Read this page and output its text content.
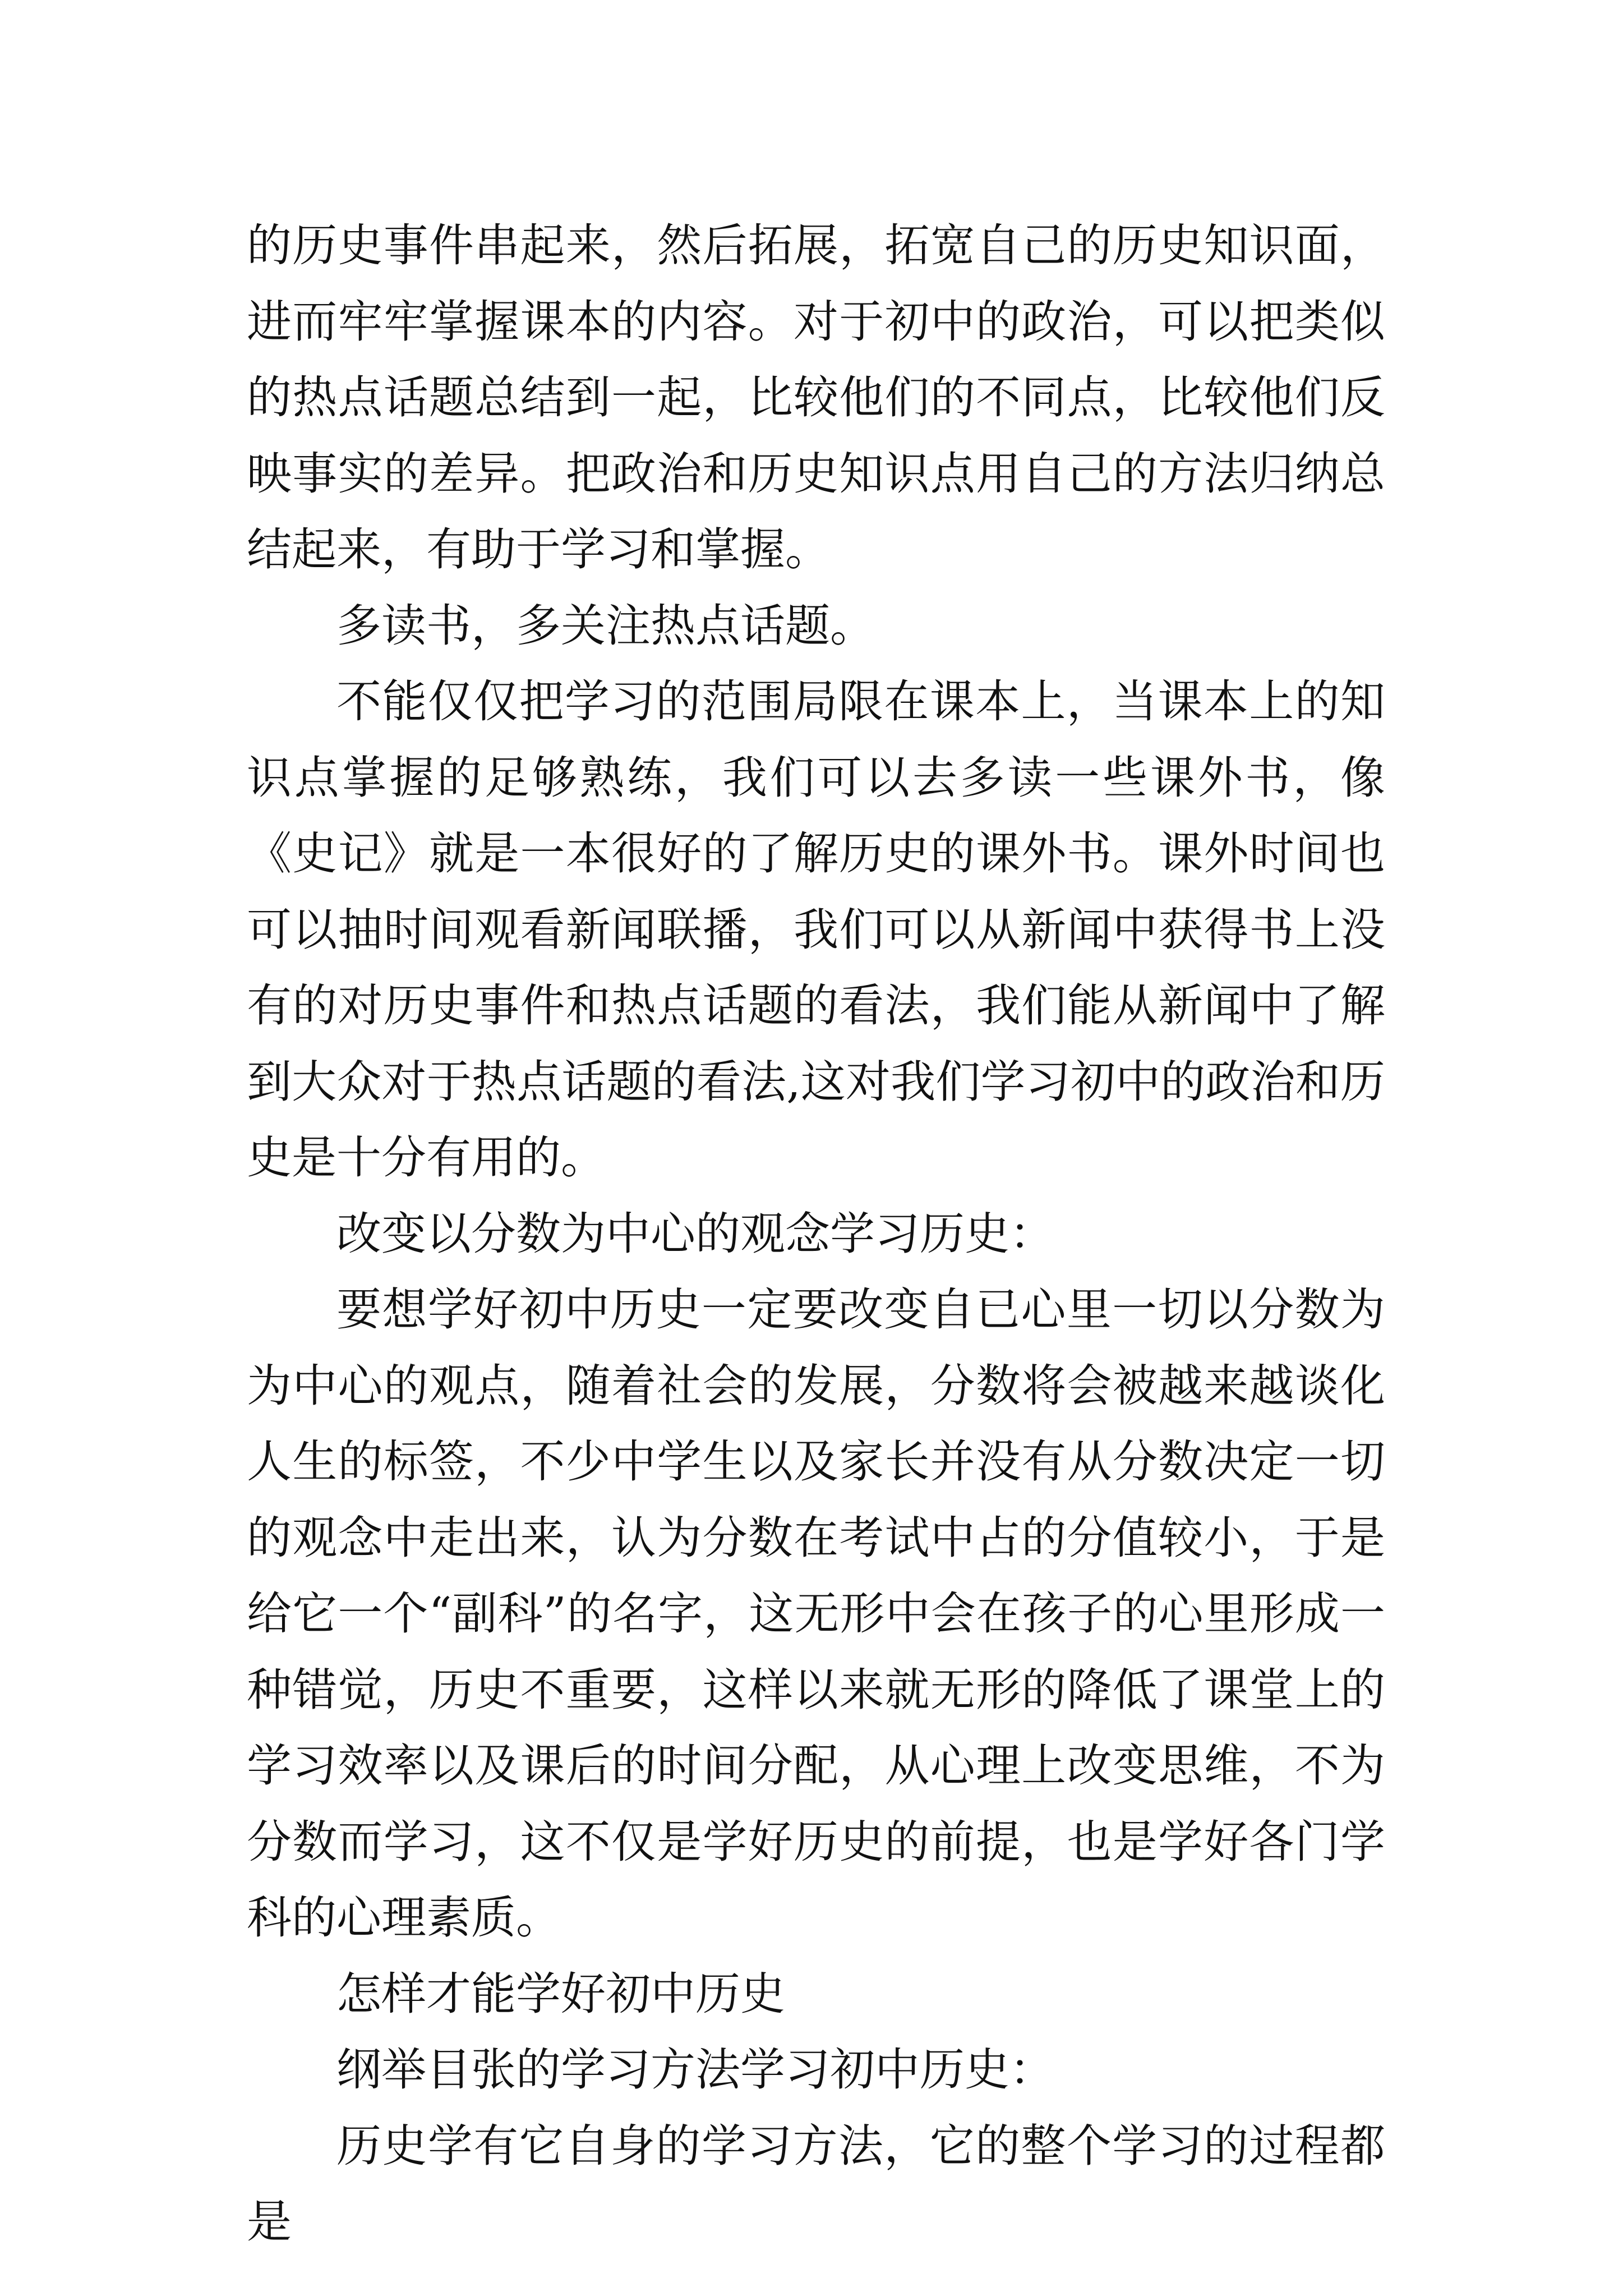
的历史事件串起来，然后拓展，拓宽自己的历史知识面，进而牢牢掌握课本的内容。对于初中的政治，可以把类似的热点话题总结到一起，比较他们的不同点，比较他们反映事实的差异。把政治和历史知识点用自己的方法归纳总结起来，有助于学习和掌握。

多读书，多关注热点话题。

不能仅仅把学习的范围局限在课本上，当课本上的知识点掌握的足够熟练，我们可以去多读一些课外书，像《史记》就是一本很好的了解历史的课外书。课外时间也可以抽时间观看新闻联播，我们可以从新闻中获得书上没有的对历史事件和热点话题的看法，我们能从新闻中了解到大众对于热点话题的看法,这对我们学习初中的政治和历史是十分有用的。

改变以分数为中心的观念学习历史：

要想学好初中历史一定要改变自已心里一切以分数为为中心的观点，随着社会的发展，分数将会被越来越谈化人生的标签，不少中学生以及家长并没有从分数决定一切的观念中走出来，认为分数在考试中占的分值较小，于是给它一个“副科”的名字，这无形中会在孩子的心里形成一种错觉，历史不重要，这样以来就无形的降低了课堂上的学习效率以及课后的时间分配，从心理上改变思维，不为分数而学习，这不仅是学好历史的前提，也是学好各门学科的心理素质。

怎样才能学好初中历史

纲举目张的学习方法学习初中历史：

历史学有它自身的学习方法，它的整个学习的过程都是
